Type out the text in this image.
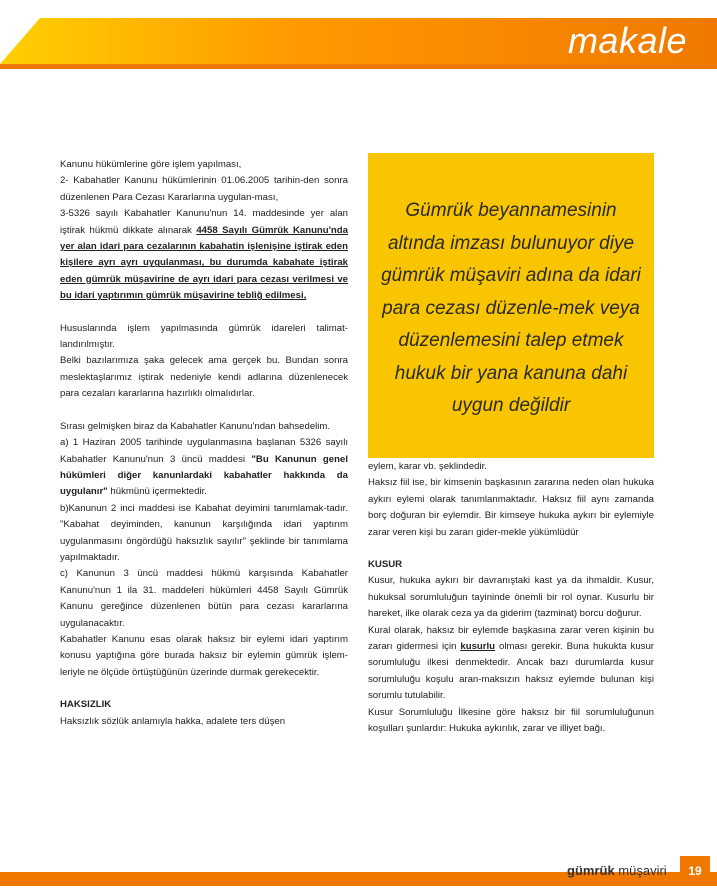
makale

Kanunu hükümlerine göre işlem yapılması,

2- Kabahatler Kanunu hükümlerinin 01.06.2005 tarihin-den sonra düzenlenen Para Cezası Kararlarına uygulan-ması,

3-5326 sayılı Kabahatler Kanunu'nun 14. maddesinde yer alan iştirak hükmü dikkate alınarak 4458 Sayılı Gümrük Kanunu'nda yer alan idari para cezalarının kabahatin işlenişine iştirak eden kişilere ayrı ayrı uygulanması, bu durumda kabahate iştirak eden gümrük müşavirine de ayrı idari para cezası verilmesi ve bu idari yaptırımın gümrük müşavirine tebliğ edilmesi,

Hususlarında işlem yapılmasında gümrük idareleri talimat-landırılmıştır.

Belki bazılarımıza şaka gelecek ama gerçek bu. Bundan sonra meslektaşlarımız iştirak nedeniyle kendi adlarına düzenlenecek para cezaları kararlarına hazırlıklı olmalıdırlar.

Sırası gelmişken biraz da Kabahatler Kanunu'ndan bahsedelim.

a) 1 Haziran 2005 tarihinde uygulanmasına başlanan 5326 sayılı Kabahatler Kanunu'nun 3 üncü maddesi "Bu Kanunun genel hükümleri diğer kanunlardaki kabahatler hakkında da uygulanır" hükmünü içermektedir.

b)Kanunun 2 inci maddesi ise Kabahat deyimini tanımlamak-tadır. "Kabahat deyiminden, kanunun karşılığında idari yaptırım uygulanmasını öngördüğü haksızlık sayılır" şeklinde bir tanımlama yapılmaktadır.

c) Kanunun 3 üncü maddesi hükmü karşısında Kabahatler Kanunu'nun 1 ila 31. maddeleri hükümleri 4458 Sayılı Gümrük Kanunu gereğince düzenlenen bütün para cezası kararlarına uygulanacaktır.

Kabahatler Kanunu esas olarak haksız bir eylemi idari yaptırım konusu yaptığına göre burada haksız bir eylemin gümrük işlem-leriyle ne ölçüde örtüştüğünün üzerinde durmak gerekecektir.

HAKSIZLIK

Haksızlık sözlük anlamıyla hakka, adalete ters düşen

Gümrük beyannamesinin altında imzası bulunuyor diye gümrük müşaviri adına da idari para cezası düzenle-mek veya düzenlemesini talep etmek hukuk bir yana kanuna dahi uygun değildir

eylem, karar vb. şeklindedir.

Haksız fiil ise, bir kimsenin başkasının zararına neden olan hukuka aykırı eylemi olarak tanımlanmaktadır. Haksız fiil aynı zamanda borç doğuran bir eylemdir. Bir kimseye hukuka aykırı bir eylemiyle zarar veren kişi bu zararı gider-mekle yükümlüdür

KUSUR

Kusur, hukuka aykırı bir davranıştaki kast ya da ihmaldir. Kusur, hukuksal sorumluluğun tayininde önemli bir rol oynar. Kusurlu bir hareket, ilke olarak ceza ya da giderim (tazminat) borcu doğurur.

Kural olarak, haksız bir eylemde başkasına zarar veren kişinin bu zararı gidermesi için kusurlu olması gerekir. Buna hukukta kusur sorumluluğu ilkesi denmektedir. Ancak bazı durumlarda kusur sorumluluğu koşulu aran-maksızın haksız eylemde bulunan kişi sorumlu tutulabilir.

Kusur Sorumluluğu İlkesine göre haksız bir fiil sorumluluğunun koşulları şunlardır: Hukuka aykırılık, zarar ve illiyet bağı.

gümrük müşaviri	19
